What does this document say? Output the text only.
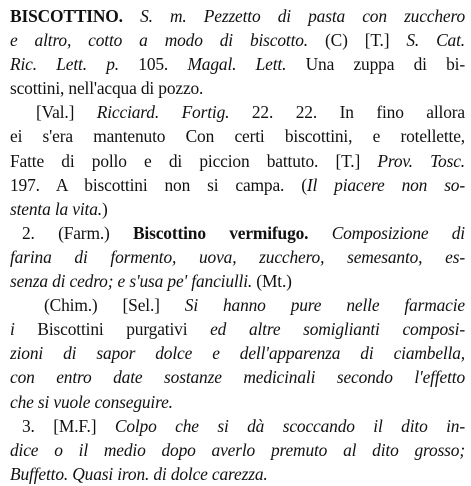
BISCOTTINO. S. m. Pezzetto di pasta con zucchero
e altro, cotto a modo di biscotto. (C) [T.] S. Cat.
Ric. Lett. p. 105. Magal. Lett. Una zuppa di bi-
scottini, nell'acqua di pozzo.
[Val.] Ricciard. Fortig. 22. 22. In fino allora
ei s'era mantenuto Con certi biscottini, e rotellette,
Fatte di pollo e di piccion battuto. [T.] Prov. Tosc.
197. A biscottini non si campa. (Il piacere non so-
stenta la vita.)
2. (Farm.) Biscottino vermifugo. Composizione di
farina di formento, uova, zucchero, semesanto, es-
senza di cedro; e s'usa pe' fanciulli. (Mt.)
(Chim.) [Sel.] Si hanno pure nelle farmacie
i Biscottini purgativi ed altre somiglianti composi-
zioni di sapor dolce e dell'apparenza di ciambella,
con entro date sostanze medicinali secondo l'effetto
che si vuole conseguire.
3. [M.F.] Colpo che si dà scoccando il dito in-
dice o il medio dopo averlo premuto al dito grosso;
Buffetto. Quasi iron. di dolce carezza.
